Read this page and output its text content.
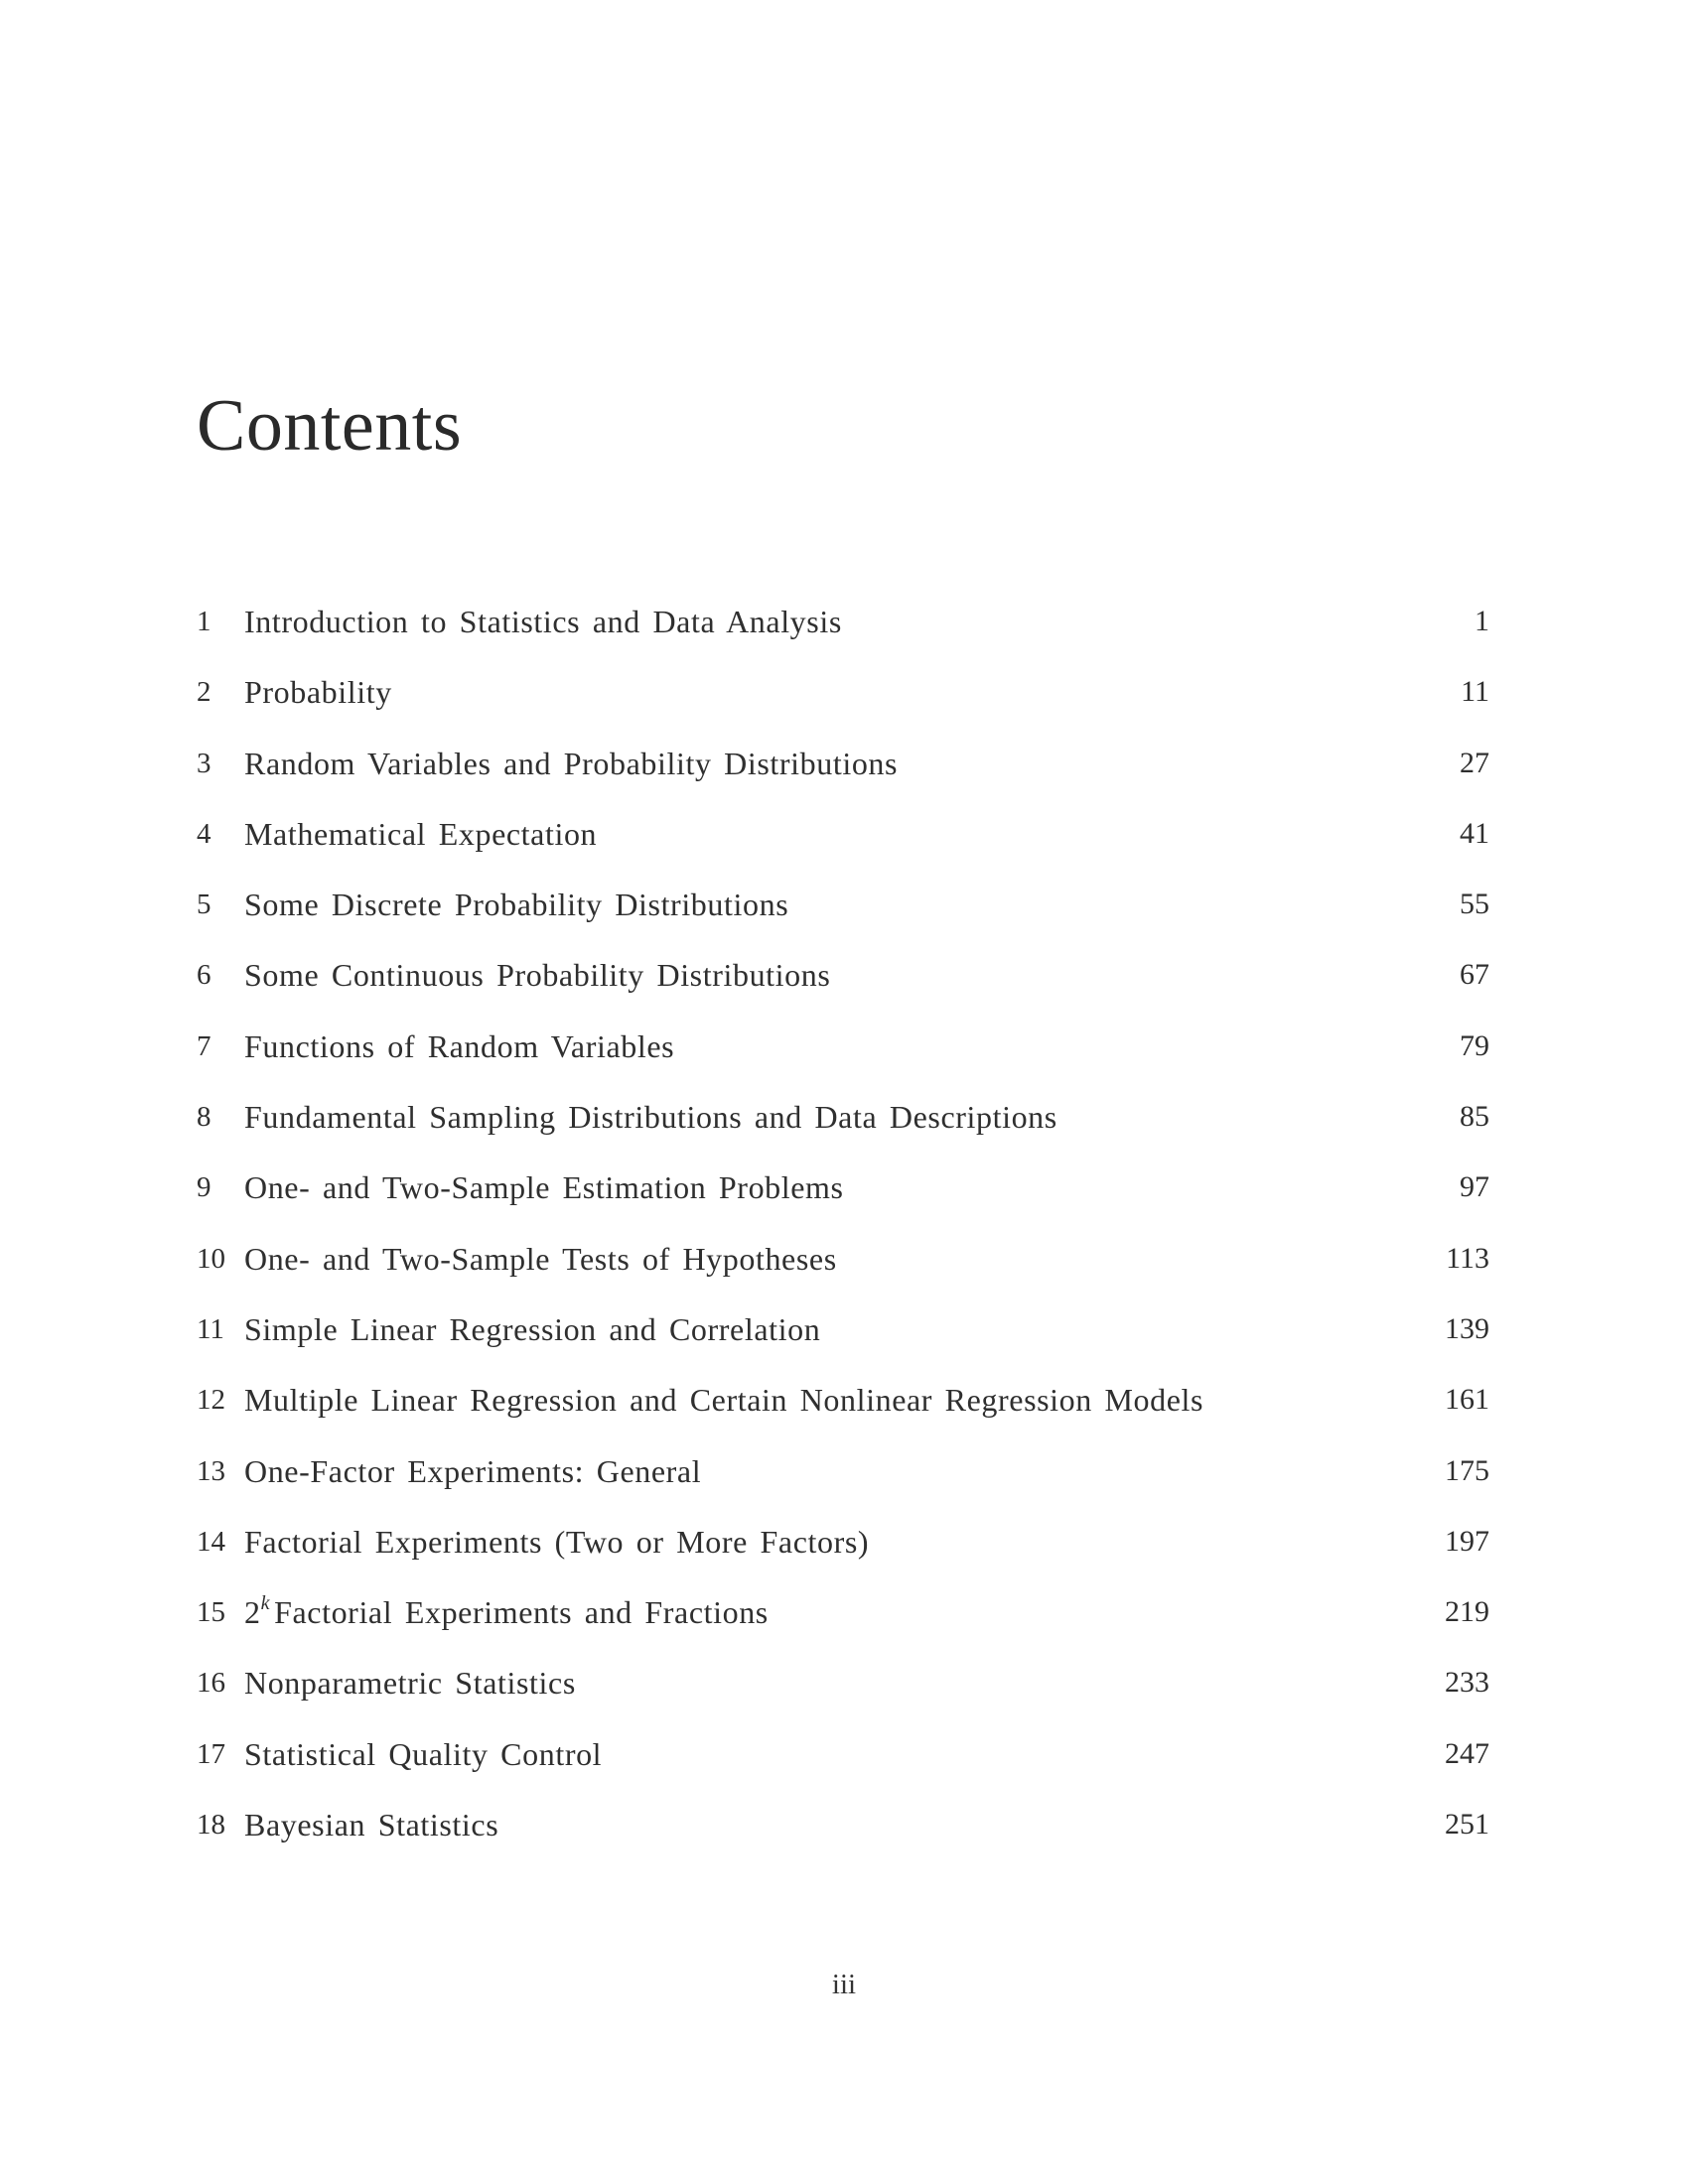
Contents
1 Introduction to Statistics and Data Analysis	1
2 Probability	11
3 Random Variables and Probability Distributions	27
4 Mathematical Expectation	41
5 Some Discrete Probability Distributions	55
6 Some Continuous Probability Distributions	67
7 Functions of Random Variables	79
8 Fundamental Sampling Distributions and Data Descriptions	85
9 One- and Two-Sample Estimation Problems	97
10 One- and Two-Sample Tests of Hypotheses	113
11 Simple Linear Regression and Correlation	139
12 Multiple Linear Regression and Certain Nonlinear Regression Models	161
13 One-Factor Experiments: General	175
14 Factorial Experiments (Two or More Factors)	197
15 2$^k$ Factorial Experiments and Fractions	219
16 Nonparametric Statistics	233
17 Statistical Quality Control	247
18 Bayesian Statistics	251
iii
